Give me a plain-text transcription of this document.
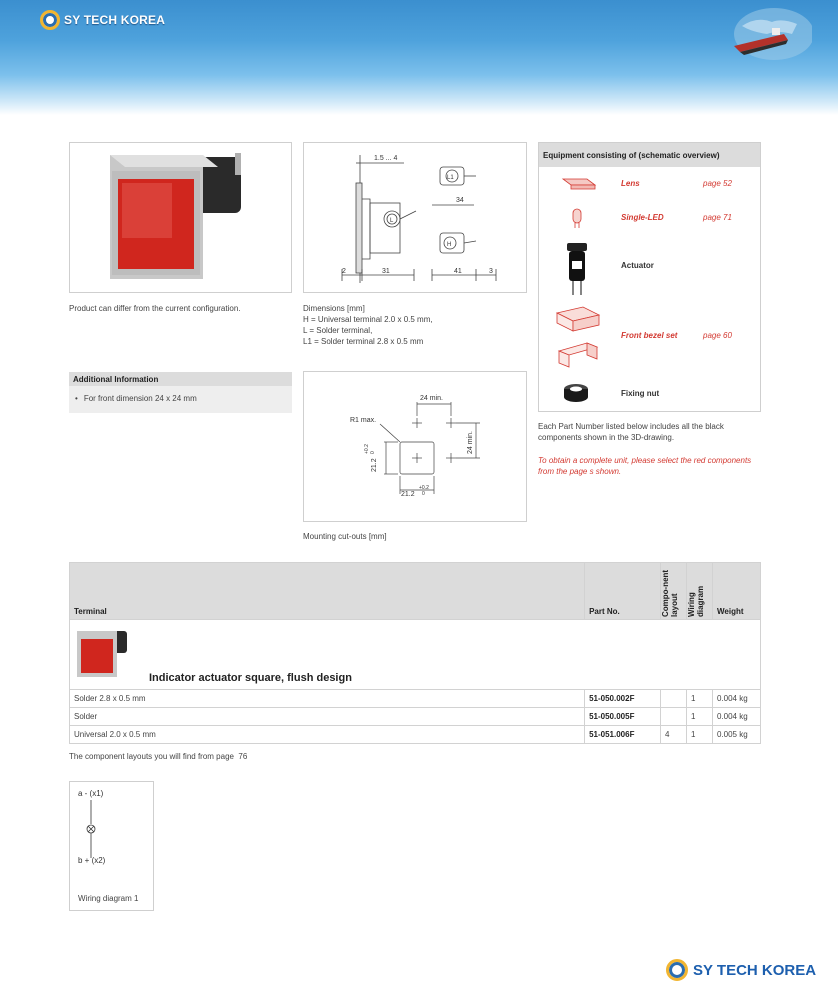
SY TECH KOREA
Product can differ from the current configuration.
1.5 ... 4
L1
L
H
34
2	31	41	3
Dimensions [mm]
H = Universal terminal 2.0 x 0.5 mm,
L = Solder terminal,
L1 = Solder terminal 2.8 x 0.5 mm
Equipment consisting of (schematic overview)
Lens	page 52
Single-LED	page 71
Actuator
Front bezel set	page 60
Fixing nut
Each Part Number listed below includes all the black components shown in the 3D-drawing.
To obtain a complete unit, please select the red components from the page s shown.
Additional Information
• For front dimension 24 x 24 mm	24 min.
R1 max.
24 min.
21.2
+0.2 0
21.2
+0.2
0
Mounting cut-outs [mm]
Terminal	Part No.	Compo-nent layout	Wiring diagram	Weight

Indicator actuator square, flush design				

Solder 2.8 x 0.5 mm	51-050.002F		1	0.004 kg
Solder	51-050.005F		1	0.004 kg
Universal 2.0 x 0.5 mm	51-051.006F	4	1	0.005 kg
The component layouts you will find from page  76
a - (x1)
b + (x2)
Wiring diagram 1
SY TECH KOREA
